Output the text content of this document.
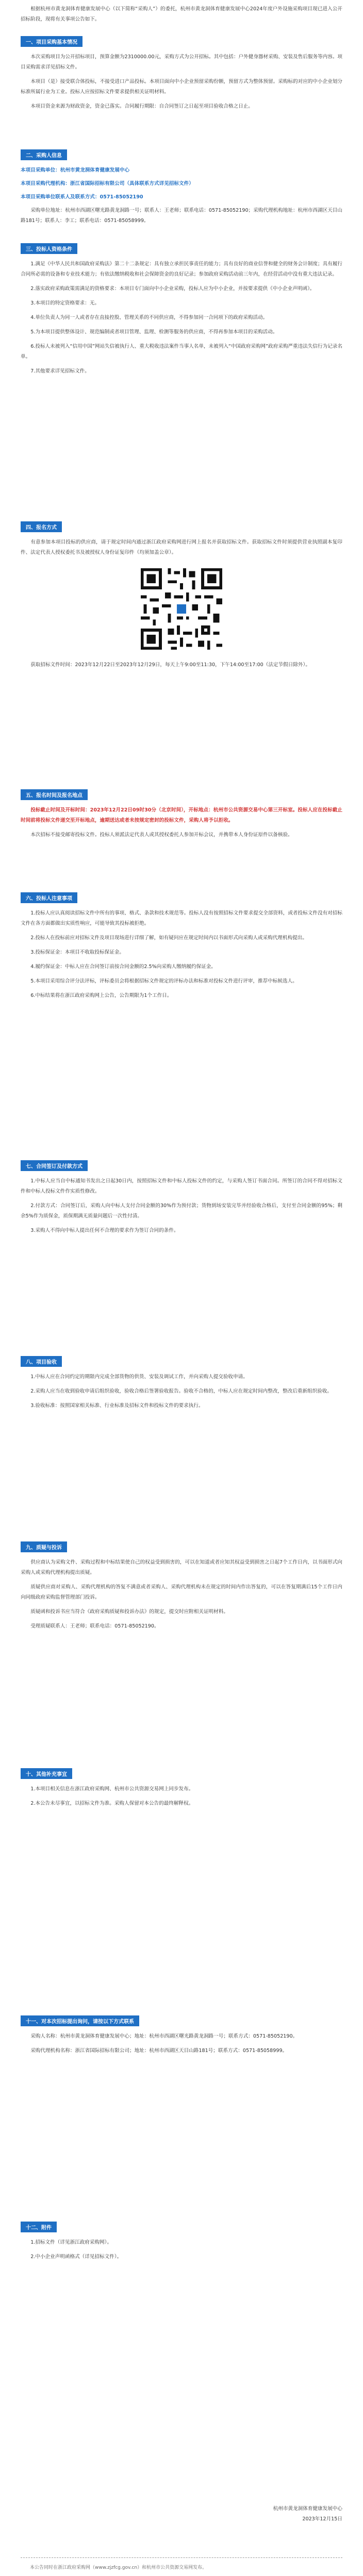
根据杭州市黄龙洞体育健康发展中心（以下简称“采购人”）的委托，杭州市黄龙洞体育健康发展中心2024年度户外设施采购项目现已进入公开招标阶段，现将有关事项公告如下。

一、项目采购基本情况

本次采购项目为公开招标项目，预算金额为2310000.00元，采购方式为公开招标。其中包括：户外健身器材采购、安装及售后服务等内容。项目采购需求详见招标文件。

本项目（是）接受联合体投标，不接受进口产品投标。本项目面向中小企业预留采购份额，预留方式为整体预留。采购标的对应的中小企业划分标准所属行业为工业。投标人应按招标文件要求提供相关证明材料。

本项目资金来源为财政资金，资金已落实。合同履行期限：自合同签订之日起至项目验收合格之日止。

二、采购人信息

本项目采购单位：杭州市黄龙洞体育健康发展中心

本项目采购代理机构：浙江省国际招标有限公司（具体联系方式详见招标文件）

本项目采购单位联系人及联系方式：0571-85052190

采购单位地址：杭州市西湖区曙光路黄龙洞路一号；联系人：王老师；联系电话：0571-85052190；采购代理机构地址：杭州市西湖区天目山路181号；联系人：李工；联系电话：0571-85058999。

三、投标人资格条件

1.满足《中华人民共和国政府采购法》第二十二条规定：具有独立承担民事责任的能力；具有良好的商业信誉和健全的财务会计制度；具有履行合同所必需的设备和专业技术能力；有依法缴纳税收和社会保障资金的良好记录；参加政府采购活动前三年内，在经营活动中没有重大违法记录。

2.落实政府采购政策需满足的资格要求：本项目专门面向中小企业采购，投标人应为中小企业，并按要求提供《中小企业声明函》。

3.本项目的特定资格要求：无。

4.单位负责人为同一人或者存在直接控股、管理关系的不同供应商，不得参加同一合同项下的政府采购活动。

5.为本项目提供整体设计、规范编制或者项目管理、监理、检测等服务的供应商，不得再参加本项目的采购活动。

6.投标人未被列入“信用中国”网站失信被执行人、重大税收违法案件当事人名单，未被列入“中国政府采购网”政府采购严重违法失信行为记录名单。

7.其他要求详见招标文件。

四、报名方式

有意参加本项目投标的供应商，请于规定时间内通过浙江政府采购网进行网上报名并获取招标文件。获取招标文件时须提供营业执照副本复印件、法定代表人授权委托书及被授权人身份证复印件（均须加盖公章）。

获取招标文件时间：2023年12月22日至2023年12月29日，每天上午9:00至11:30，下午14:00至17:00（法定节假日除外）。

五、报名时间及报名地点

投标截止时间及开标时间：2023年12月22日09时30分（北京时间），开标地点：杭州市公共资源交易中心第三开标室。投标人应在投标截止时间前将投标文件递交至开标地点，逾期送达或者未按规定密封的投标文件，采购人将予以拒收。

本次招标不接受邮寄投标文件。投标人须派法定代表人或其授权委托人参加开标会议，并携带本人身份证原件以备核验。

六、投标人注意事项

1.投标人应认真阅读招标文件中所有的事项、格式、条款和技术规范等。投标人没有按照招标文件要求提交全部资料，或者投标文件没有对招标文件在各方面都做出实质性响应，可能导致其投标被拒绝。

2.投标人在投标前应对招标文件及项目现场进行详细了解，如有疑问应在规定时间内以书面形式向采购人或采购代理机构提出。

3.投标保证金：本项目不收取投标保证金。

4.履约保证金：中标人应在合同签订前按合同金额的2.5%向采购人缴纳履约保证金。

5.本项目采用综合评分法评标，评标委员会将根据招标文件规定的评标办法和标准对投标文件进行评审，推荐中标候选人。

6.中标结果将在浙江政府采购网上公告，公告期限为1个工作日。

七、合同签订及付款方式

1.中标人应当自中标通知书发出之日起30日内，按照招标文件和中标人投标文件的约定，与采购人签订书面合同。所签订的合同不得对招标文件和中标人投标文件作实质性修改。

2.付款方式：合同签订后，采购人向中标人支付合同金额的30%作为预付款；货物到场安装完毕并经验收合格后，支付至合同金额的95%；剩余5%作为质保金，质保期满无质量问题后一次性付清。

3.采购人不得向中标人提出任何不合理的要求作为签订合同的条件。

八、项目验收

1.中标人应在合同约定的期限内完成全部货物的供货、安装及调试工作，并向采购人提交验收申请。

2.采购人应当在收到验收申请后组织验收，验收合格后签署验收报告。验收不合格的，中标人应在规定时间内整改，整改后重新组织验收。

3.验收标准：按照国家相关标准、行业标准及招标文件和投标文件的要求执行。

九、质疑与投诉

供应商认为采购文件、采购过程和中标结果使自己的权益受到损害的，可以在知道或者应知其权益受到损害之日起7个工作日内，以书面形式向采购人或采购代理机构提出质疑。

质疑供应商对采购人、采购代理机构的答复不满意或者采购人、采购代理机构未在规定的时间内作出答复的，可以在答复期满后15个工作日内向同级政府采购监督管理部门投诉。

质疑函和投诉书应当符合《政府采购质疑和投诉办法》的规定，提交时应附相关证明材料。

受理质疑联系人：王老师；联系电话：0571-85052190。

十、其他补充事宜

1.本项目相关信息在浙江政府采购网、杭州市公共资源交易网上同步发布。

2.本公告未尽事宜，以招标文件为准。采购人保留对本公告的最终解释权。

十一、对本次招标提出询问，请按以下方式联系

采购人名称：杭州市黄龙洞体育健康发展中心；地址：杭州市西湖区曙光路黄龙洞路一号；联系方式：0571-85052190。

采购代理机构名称：浙江省国际招标有限公司；地址：杭州市西湖区天目山路181号；联系方式：0571-85058999。

十二、附件

1.招标文件（详见浙江政府采购网）。

2.中小企业声明函格式（详见招标文件）。

杭州市黄龙洞体育健康发展中心

2023年12月15日

本公告同时在浙江政府采购网（www.zjzfcg.gov.cn）和杭州市公共资源交易网发布。
